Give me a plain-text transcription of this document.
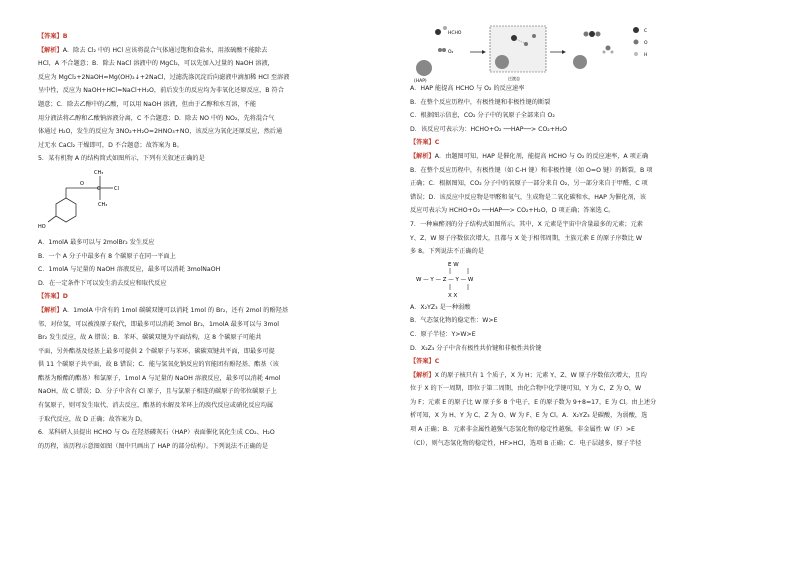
【答案】B
【解析】A．除去 Cl₂ 中的 HCl 应该将混合气体通过饱和食盐水，用浓硫酸不能除去
HCl，A 不合题意；B．除去 NaCl 溶液中的 MgCl₂，可以先加入过量的 NaOH 溶液，
反应为 MgCl₂+2NaOH=Mg(OH)₂↓+2NaCl，过滤洗涤沉淀后向滤液中滴加稀 HCl 至溶液
呈中性，反应为 NaOH+HCl=NaCl+H₂O，前后发生的反应均为非氧化还原反应，B 符合
题意；C．除去乙醇中的乙酸，可以用 NaOH 溶液，但由于乙醇和水互溶，不能
用分液法将乙醇和乙酸钠溶液分离，C 不合题意；D．除去 NO 中的 NO₂，先将混合气
体通过 H₂O，发生的反应为 3NO₂+H₂O=2HNO₃+NO，该反应为氧化还原反应，然后通
过无水 CaCl₂ 干燥即可，D 不合题意；故答案为 B。
5．某有机物 A 的结构简式如图所示，下列有关叙述正确的是
CH₃
CH₃
Cl
O
C
HO
A．1molA 最多可以与 2molBr₂ 发生反应
B．一个 A 分子中最多有 8 个碳原子在同一平面上
C．1molA 与足量的 NaOH 溶液反应，最多可以消耗 3molNaOH
D．在一定条件下可以发生消去反应和取代反应
【答案】D
【解析】A．1molA 中含有的 1mol 碳碳双键可以消耗 1mol 的 Br₂，还有 2mol 的酚羟基
邻、对位氢，可以被溴原子取代，即最多可以消耗 3mol Br₂，1molA 最多可以与 3mol
Br₂ 发生反应，故 A 错误；B．苯环、碳碳双键为平面结构，这 8 个碳原子可能共
平面，另外酯基及烃基上最多可提供 2 个碳原子与苯环、碳碳双键共平面，即最多可提
供 11 个碳原子共平面，故 B 错误；C．能与氢氧化钠反应的官能团有酚羟基、酯基（该
酯基为酚酯的酯基）和氯原子，1mol A 与足量的 NaOH 溶液反应，最多可以消耗 4mol
NaOH，故 C 错误；D．分子中含有 Cl 原子，且与氯原子相连的碳原子的邻位碳原子上
有氢原子，则可发生取代、消去反应，酯基的水解及苯环上的溴代反应或硝化反应均属
于取代反应，故 D 正确；故答案为 D。
6．某科研人员提出 HCHO 与 O₂ 在羟基磷灰石（HAP）表面催化氧化生成 CO₂、H₂O
的历程，该历程示意图如图（图中只画出了 HAP 的部分结构）。下列说法不正确的是
(HAP)
HCHO
O₂
过渡态
C
O
H
A．HAP 能提高 HCHO 与 O₂ 的反应速率
B．在整个反应历程中，有极性键和非极性键的断裂
C．根据图示信息，CO₂ 分子中的氧原子全部来自 O₂
D．该反应可表示为：HCHO+O₂ ──HAP──> CO₂+H₂O
【答案】C
【解析】A．由题图可知，HAP 是催化剂，能提高 HCHO 与 O₂ 的反应速率，A 项正确
B．在整个反应历程中，有极性键（如 C-H 键）和非极性键（如 O=O 键）的断裂，B 项
正确；C．根据图知，CO₂ 分子中的氧原子一部分来自 O₂，另一部分来自于甲醛，C 项
错误；D．该反应中反应物是甲醛和氧气，生成物是二氧化碳和水，HAP 为催化剂，该
反应可表示为 HCHO+O₂ ──HAP──> CO₂+H₂O，D 项正确；答案选 C。
7．一种麻醉剂的分子结构式如图所示。其中，X 元素是宇宙中含量最多的元素；元素
Y、Z、W 原子序数依次增大，且都与 X 处于相邻周期，主族元素 E 的原子序数比 W
多 8。下列说法不正确的是
E W
W — Y — Z — Y — W
X X
A．X₂YZ₃ 是一种弱酸
B．气态氢化物的稳定性：W>E
C．原子半径：Y>W>E
D．X₂Z₃ 分子中含有极性共价键和非极性共价键
【答案】C
【解析】X 的原子核只有 1 个质子，X 为 H；元素 Y、Z、W 原子序数依次增大，且均
位于 X 的下一周期，即位于第二周期，由化合物中化学键可知，Y 为 C，Z 为 O，W
为 F；元素 E 的原子比 W 原子多 8 个电子，E 的原子数为 9+8=17，E 为 Cl。由上述分
析可知，X 为 H、Y 为 C、Z 为 O、W 为 F、E 为 Cl。A．X₂YZ₃ 是碳酸，为弱酸，选
项 A 正确；B．元素非金属性越强气态氢化物的稳定性越强，非金属性 W（F）>E
（Cl），则气态氢化物的稳定性，HF>HCl，选项 B 正确；C．电子层越多，原子半径
